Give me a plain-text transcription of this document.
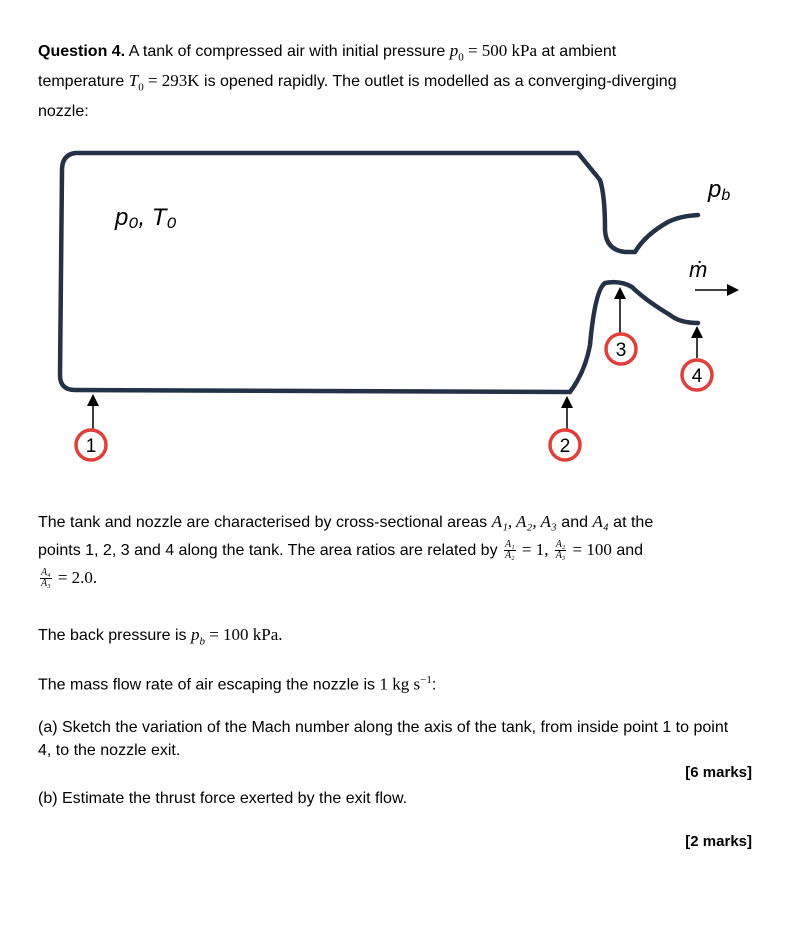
Question 4. A tank of compressed air with initial pressure $p_0 = 500$ kPa at ambient
temperature $T_0 = 293K$ is opened rapidly. The outlet is modelled as a converging-diverging
nozzle:
p₀, T₀
pb
ṁ
1	2
3
4
The tank and nozzle are characterised by cross-sectional areas A₁, A₂, A₃ and A₄ at the
points 1, 2, 3 and 4 along the tank. The area ratios are related by $\frac{\text{A₁}}{\text{A₂}} = 1$, $\frac{\text{A₂}}{\text{A₃}} = 100$ and

$\frac{\text{A₄}}{\text{A₃}} = 2.0$.
The back pressure is $p_b = 100$ kPa.
The mass flow rate of air escaping the nozzle is 1 kg $s^{-1}$:
(a) Sketch the variation of the Mach number along the axis of the tank, from inside point 1 to point 4, to the nozzle exit.
[6 marks]
(b) Estimate the thrust force exerted by the exit flow.
[2 marks]
